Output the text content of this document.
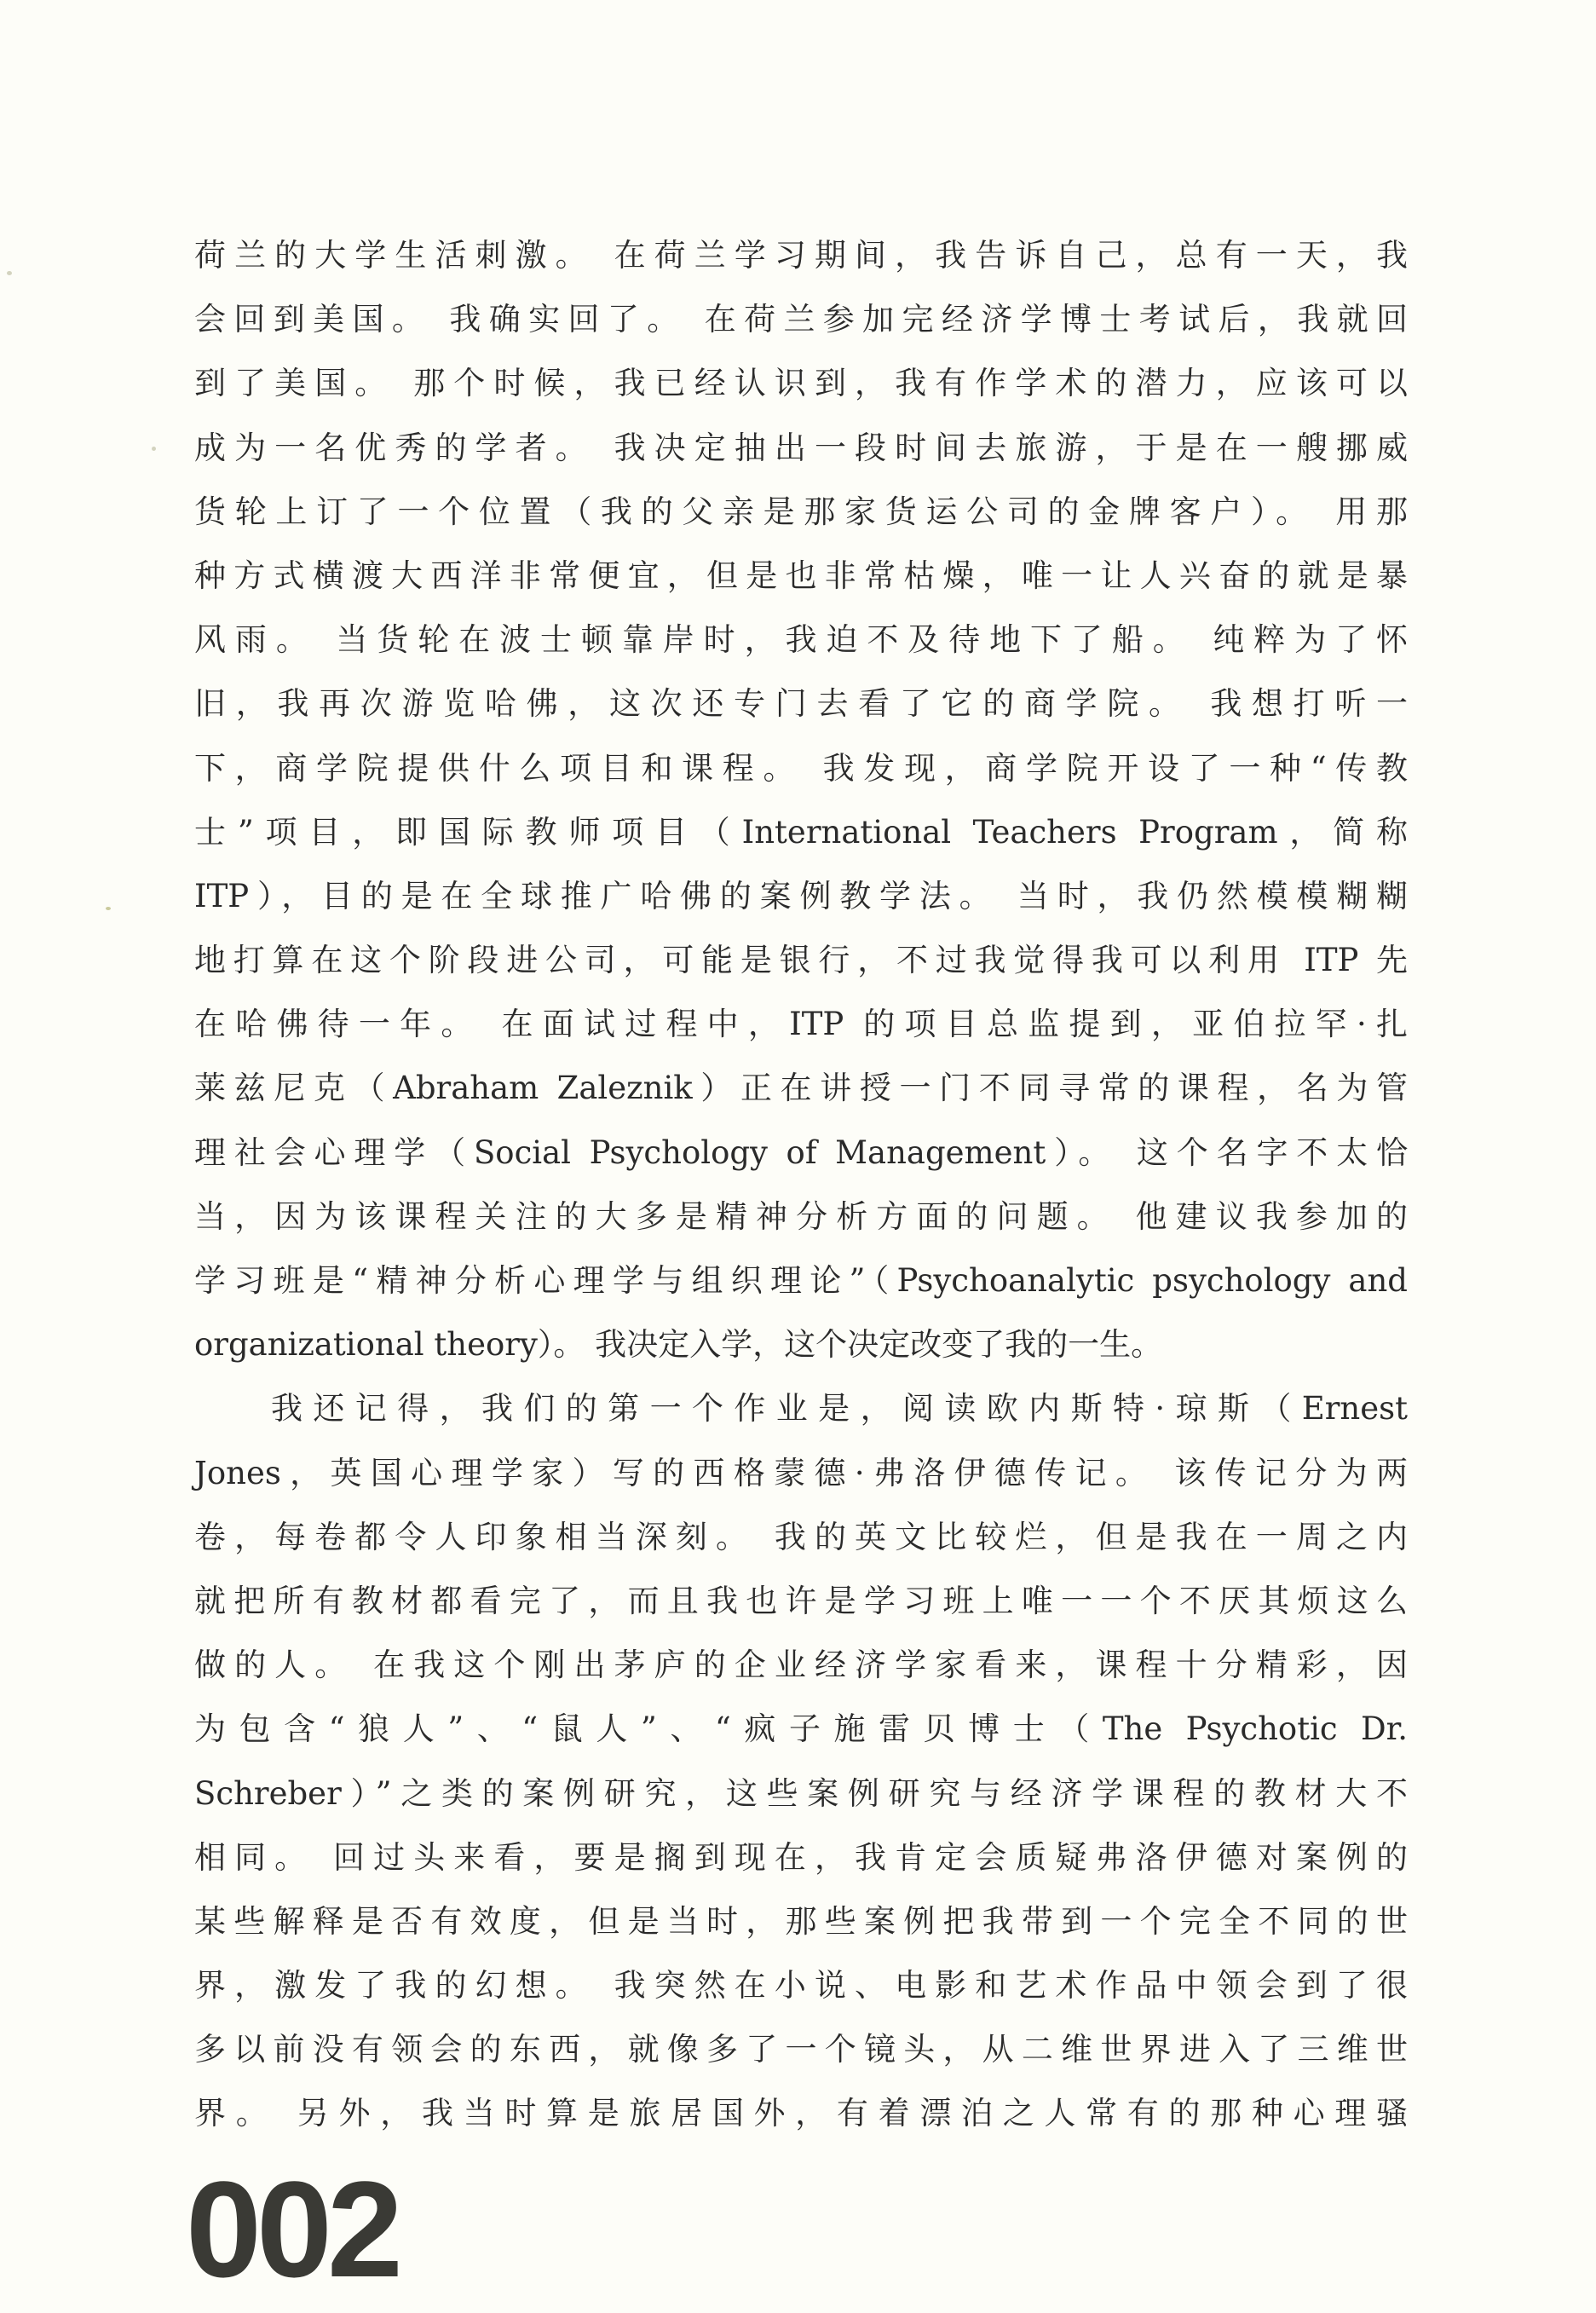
荷兰的大学生活刺激。 在荷兰学习期间，我告诉自己，总有一天，我
会回到美国。 我确实回了。 在荷兰参加完经济学博士考试后，我就回
到了美国。 那个时候，我已经认识到，我有作学术的潜力，应该可以
成为一名优秀的学者。 我决定抽出一段时间去旅游，于是在一艘挪威
货轮上订了一个位置（我的父亲是那家货运公司的金牌客户）。 用那
种方式横渡大西洋非常便宜，但是也非常枯燥，唯一让人兴奋的就是暴
风雨。 当货轮在波士顿靠岸时，我迫不及待地下了船。 纯粹为了怀
旧，我再次游览哈佛，这次还专门去看了它的商学院。 我想打听一
下，商学院提供什么项目和课程。 我发现，商学院开设了一种“传教
士”项目，即国际教师项目（International Teachers Program，简称
ITP），目的是在全球推广哈佛的案例教学法。 当时，我仍然模模糊糊
地打算在这个阶段进公司，可能是银行，不过我觉得我可以利用 ITP 先
在哈佛待一年。 在面试过程中，ITP 的项目总监提到，亚伯拉罕·扎
莱兹尼克（Abraham Zaleznik）正在讲授一门不同寻常的课程，名为管
理社会心理学（Social Psychology of Management）。 这个名字不太恰
当，因为该课程关注的大多是精神分析方面的问题。 他建议我参加的
学习班是“精神分析心理学与组织理论”（Psychoanalytic psychology and
organizational theory）。 我决定入学，这个决定改变了我的一生。
我还记得，我们的第一个作业是，阅读欧内斯特·琼斯（Ernest
Jones，英国心理学家）写的西格蒙德·弗洛伊德传记。 该传记分为两
卷，每卷都令人印象相当深刻。 我的英文比较烂，但是我在一周之内
就把所有教材都看完了，而且我也许是学习班上唯一一个不厌其烦这么
做的人。 在我这个刚出茅庐的企业经济学家看来，课程十分精彩，因
为包含“狼人”、“鼠人”、“疯子施雷贝博士（The Psychotic Dr.
Schreber）”之类的案例研究，这些案例研究与经济学课程的教材大不
相同。 回过头来看，要是搁到现在，我肯定会质疑弗洛伊德对案例的
某些解释是否有效度，但是当时，那些案例把我带到一个完全不同的世
界，激发了我的幻想。 我突然在小说、电影和艺术作品中领会到了很
多以前没有领会的东西，就像多了一个镜头，从二维世界进入了三维世
界。 另外，我当时算是旅居国外，有着漂泊之人常有的那种心理骚
002
